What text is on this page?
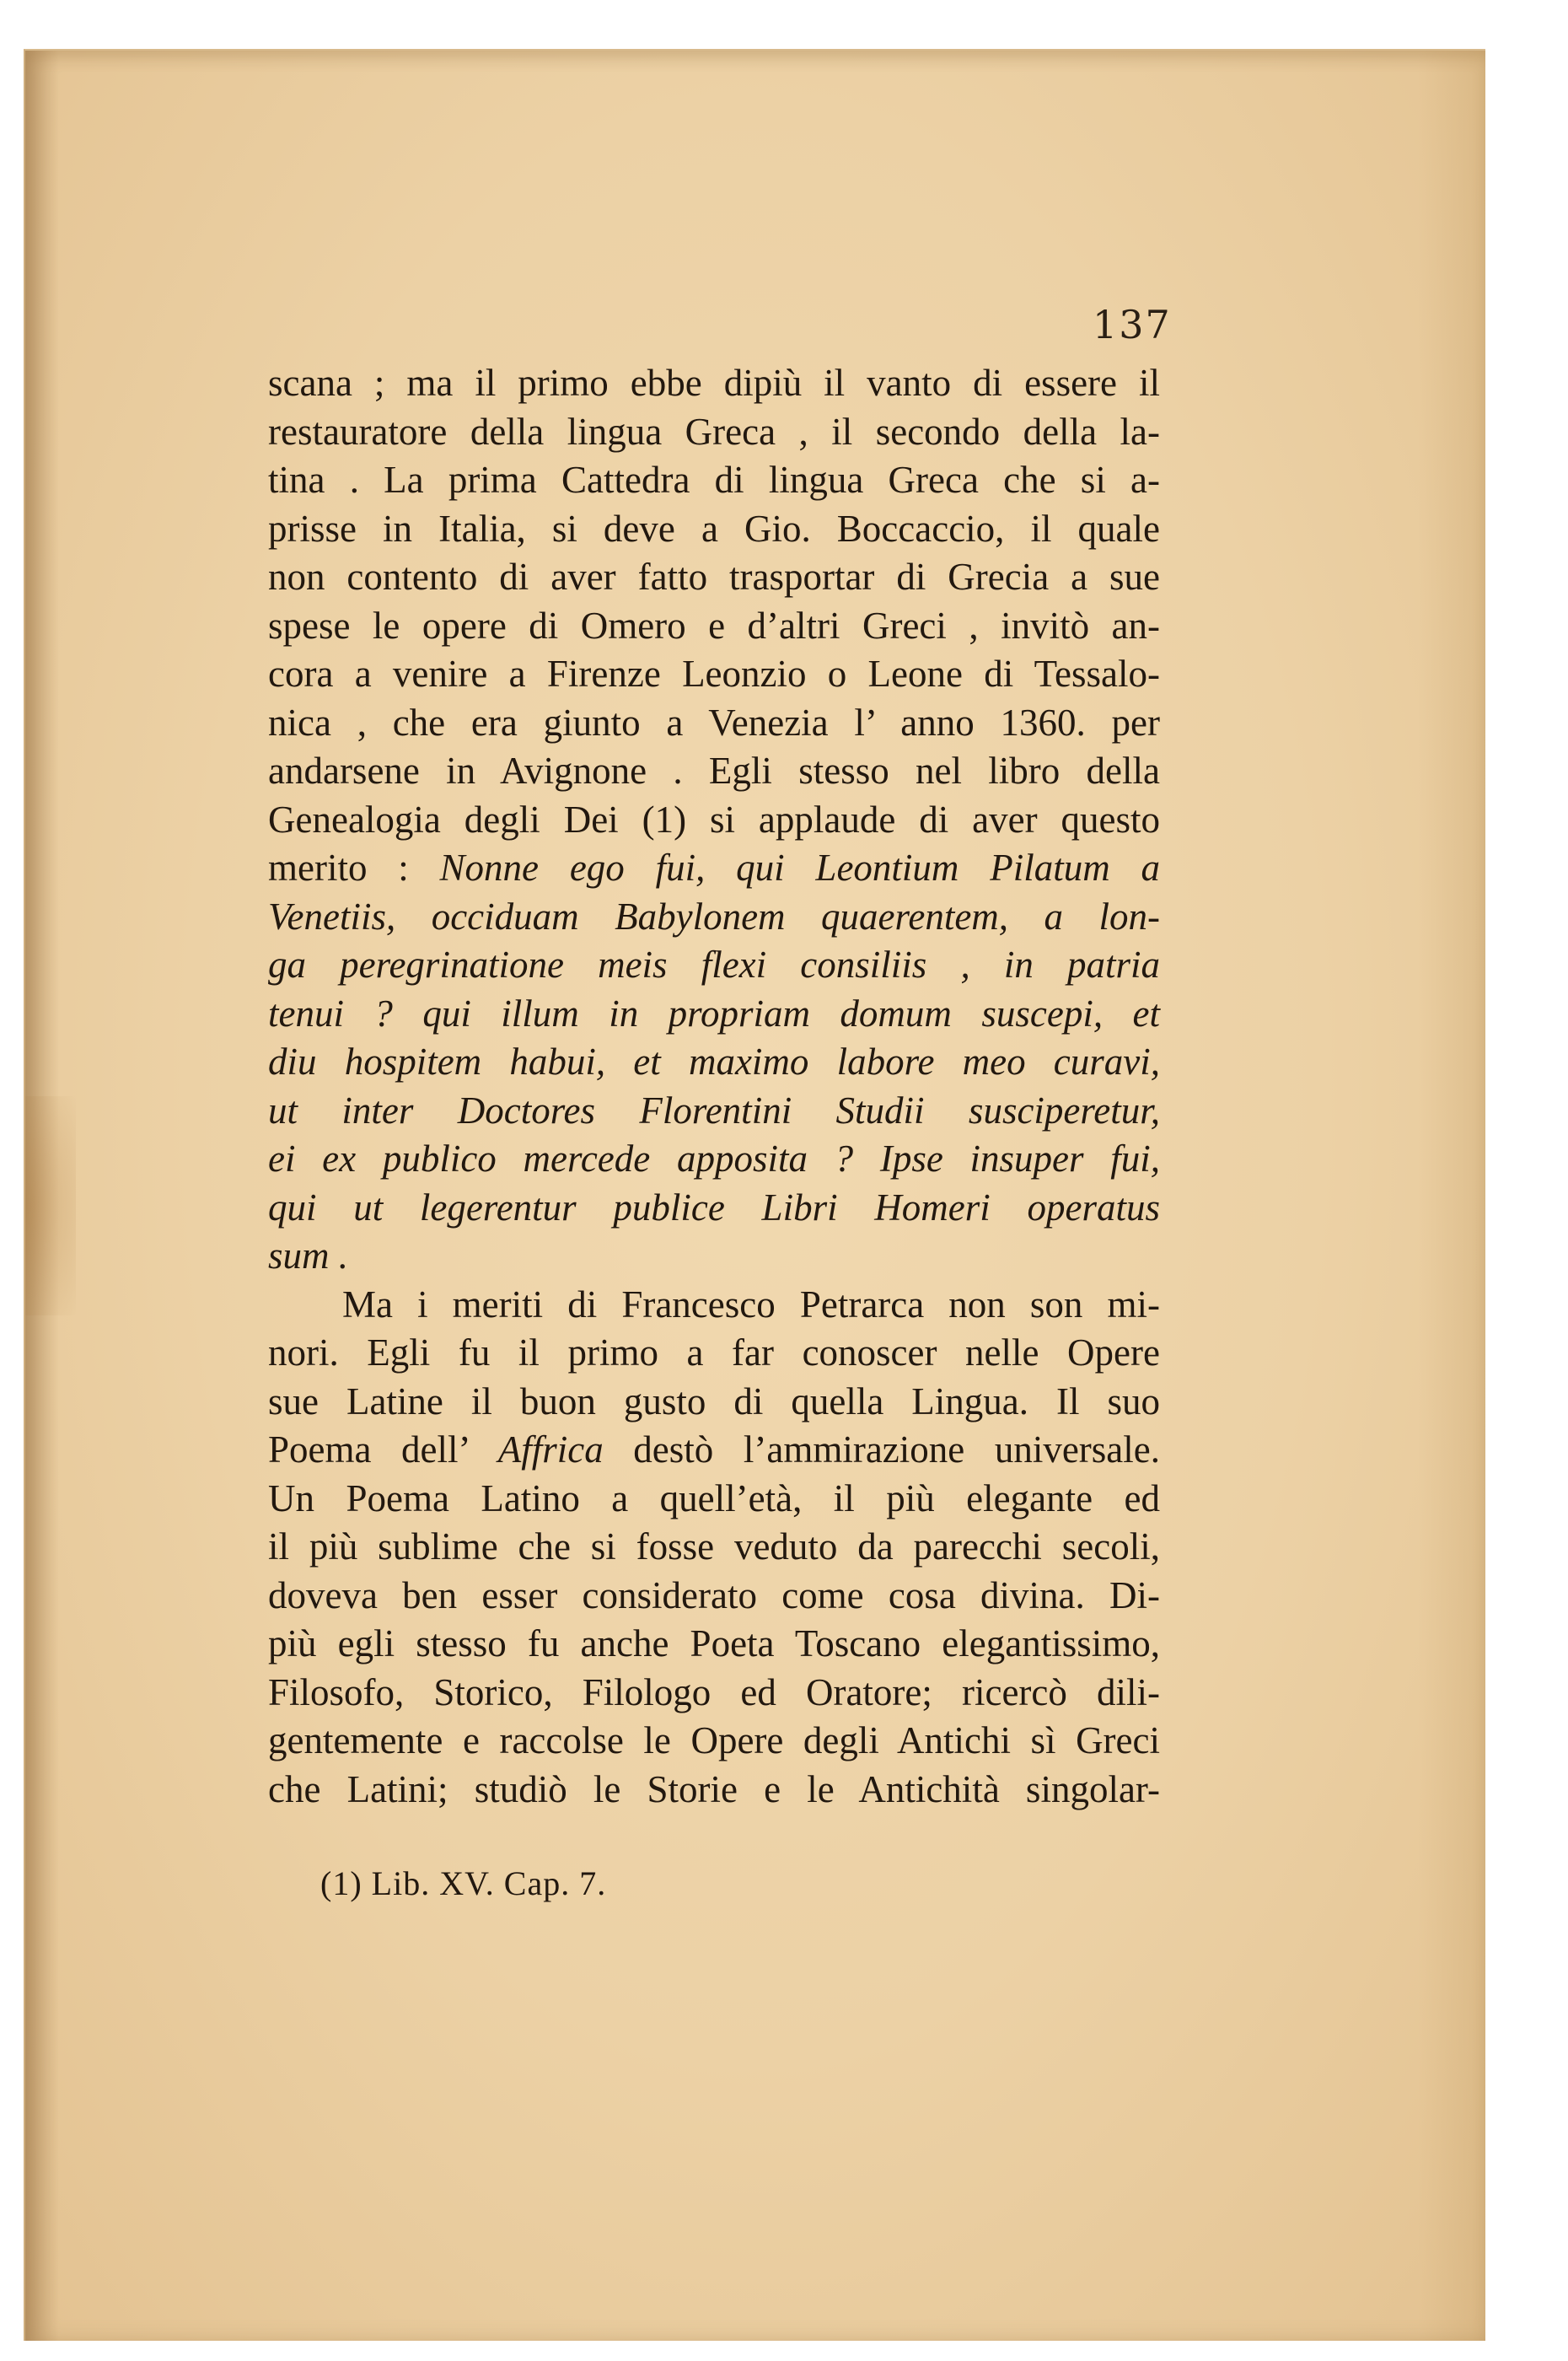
137
scana ; ma il primo ebbe dipiù il vanto di essere il
restauratore della lingua Greca , il secondo della la-
tina . La prima Cattedra di lingua Greca che si a-
prisse in Italia, si deve a Gio. Boccaccio, il quale
non contento di aver fatto trasportar di Grecia a sue
spese le opere di Omero e d’altri Greci , invitò an-
cora a venire a Firenze Leonzio o Leone di Tessalo-
nica , che era giunto a Venezia l’ anno 1360. per
andarsene in Avignone . Egli stesso nel libro della
Genealogia degli Dei (1) si applaude di aver questo
merito : Nonne ego fui, qui Leontium Pilatum a
Venetiis, occiduam Babylonem quaerentem, a lon-
ga peregrinatione meis flexi consiliis , in patria
tenui ? qui illum in propriam domum suscepi, et
diu hospitem habui, et maximo labore meo curavi,
ut inter Doctores Florentini Studii susciperetur,
ei ex publico mercede apposita ? Ipse insuper fui,
qui ut legerentur publice Libri Homeri operatus
sum .
Ma i meriti di Francesco Petrarca non son mi-
nori. Egli fu il primo a far conoscer nelle Opere
sue Latine il buon gusto di quella Lingua. Il suo
Poema dell’ Affrica destò l’ammirazione universale.
Un Poema Latino a quell’età, il più elegante ed
il più sublime che si fosse veduto da parecchi secoli,
doveva ben esser considerato come cosa divina. Di-
più egli stesso fu anche Poeta Toscano elegantissimo,
Filosofo, Storico, Filologo ed Oratore; ricercò dili-
gentemente e raccolse le Opere degli Antichi sì Greci
che Latini; studiò le Storie e le Antichità singolar-
(1) Lib. XV. Cap. 7.
